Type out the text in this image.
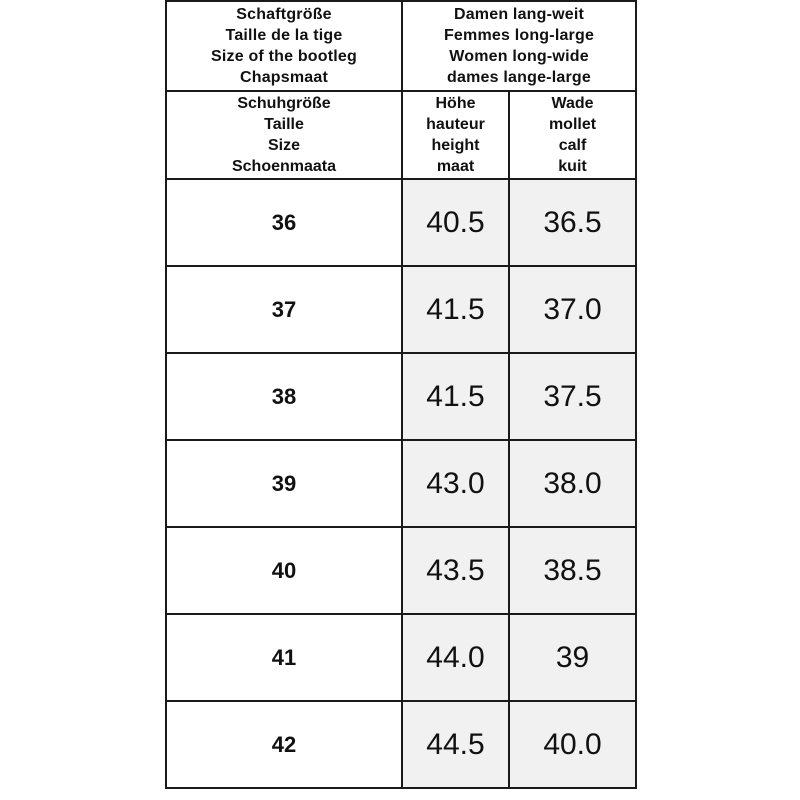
Schaftgröße
Taille de la tige
Size of the bootleg
Chapsmaat	Damen lang-weit
Femmes long-large
Women long-wide
dames lange-large	

Schuhgröße
Taille
Size
Schoenmaata	Höhe
hauteur
height
maat	Wade
mollet
calf
kuit

36	40.5	36.5
37	41.5	37.0
38	41.5	37.5
39	43.0	38.0
40	43.5	38.5
41	44.0	39
42	44.5	40.0
